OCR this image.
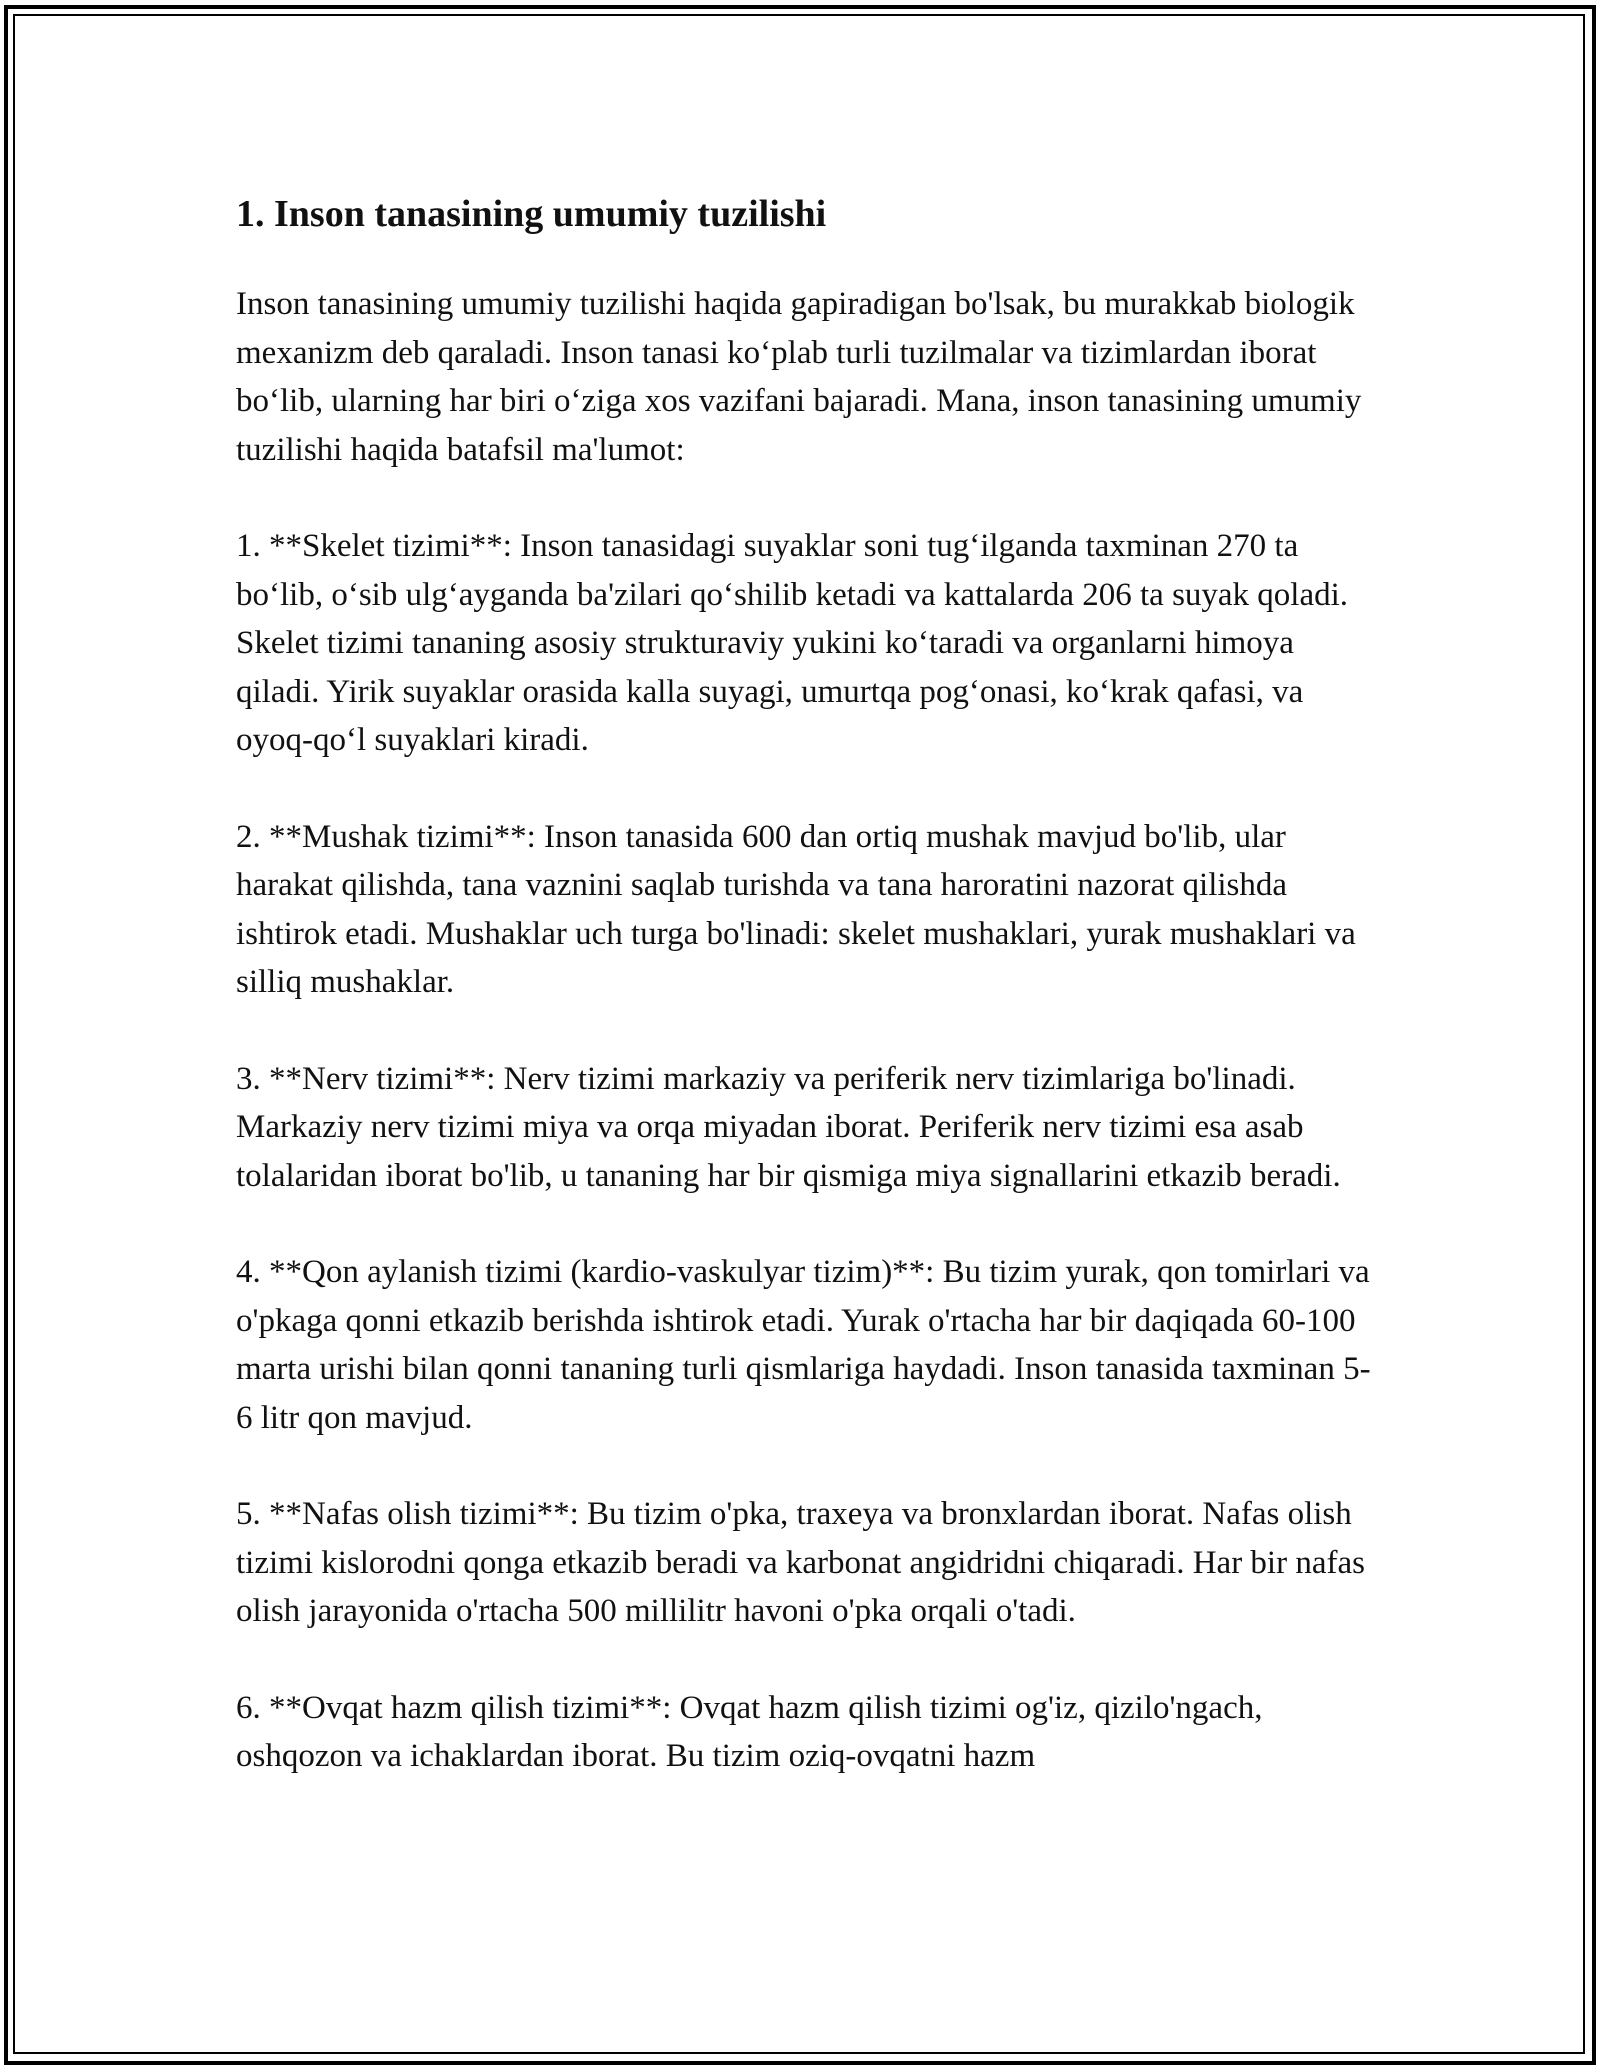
1. Inson tanasining umumiy tuzilishi

Inson tanasining umumiy tuzilishi haqida gapiradigan bo'lsak, bu murakkab biologik mexanizm deb qaraladi. Inson tanasi ko‘plab turli tuzilmalar va tizimlardan iborat bo‘lib, ularning har biri o‘ziga xos vazifani bajaradi. Mana, inson tanasining umumiy tuzilishi haqida batafsil ma'lumot:

1. **Skelet tizimi**: Inson tanasidagi suyaklar soni tug‘ilganda taxminan 270 ta bo‘lib, o‘sib ulg‘ayganda ba'zilari qo‘shilib ketadi va kattalarda 206 ta suyak qoladi. Skelet tizimi tananing asosiy strukturaviy yukini ko‘taradi va organlarni himoya qiladi. Yirik suyaklar orasida kalla suyagi, umurtqa pog‘onasi, ko‘krak qafasi, va oyoq-qo‘l suyaklari kiradi.

2. **Mushak tizimi**: Inson tanasida 600 dan ortiq mushak mavjud bo'lib, ular harakat qilishda, tana vaznini saqlab turishda va tana haroratini nazorat qilishda ishtirok etadi. Mushaklar uch turga bo'linadi: skelet mushaklari, yurak mushaklari va silliq mushaklar.

3. **Nerv tizimi**: Nerv tizimi markaziy va periferik nerv tizimlariga bo'linadi. Markaziy nerv tizimi miya va orqa miyadan iborat. Periferik nerv tizimi esa asab tolalaridan iborat bo'lib, u tananing har bir qismiga miya signallarini etkazib beradi.

4. **Qon aylanish tizimi (kardio-vaskulyar tizim)**: Bu tizim yurak, qon tomirlari va o'pkaga qonni etkazib berishda ishtirok etadi. Yurak o'rtacha har bir daqiqada 60-100 marta urishi bilan qonni tananing turli qismlariga haydadi. Inson tanasida taxminan 5-6 litr qon mavjud.

5. **Nafas olish tizimi**: Bu tizim o'pka, traxeya va bronxlardan iborat. Nafas olish tizimi kislorodni qonga etkazib beradi va karbonat angidridni chiqaradi. Har bir nafas olish jarayonida o'rtacha 500 millilitr havoni o'pka orqali o'tadi.

6. **Ovqat hazm qilish tizimi**: Ovqat hazm qilish tizimi og'iz, qizilo'ngach, oshqozon va ichaklardan iborat. Bu tizim oziq-ovqatni hazm
